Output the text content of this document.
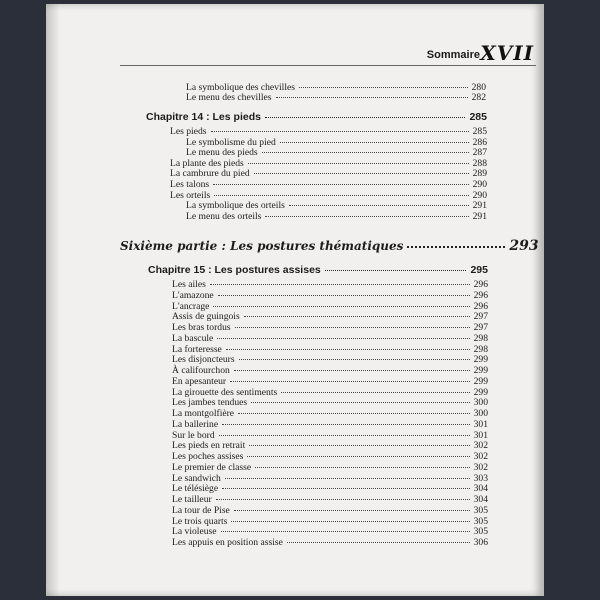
Sommaire XVII
La symbolique des chevilles	280
Le menu des chevilles	282
Chapitre 14 : Les pieds	285
Les pieds	285
Le symbolisme du pied	286
Le menu des pieds	287
La plante des pieds	288
La cambrure du pied	289
Les talons	290
Les orteils	290
La symbolique des orteils	291
Le menu des orteils	291
Sixième partie : Les postures thématiques	293
Chapitre 15 : Les postures assises	295
Les ailes	296
L'amazone	296
L'ancrage	296
Assis de guingois	297
Les bras tordus	297
La bascule	298
La forteresse	298
Les disjoncteurs	299
À califourchon	299
En apesanteur	299
La girouette des sentiments	299
Les jambes tendues	300
La montgolfière	300
La ballerine	301
Sur le bord	301
Les pieds en retrait	302
Les poches assises	302
Le premier de classe	302
Le sandwich	303
Le télésiège	304
Le tailleur	304
La tour de Pise	305
Le trois quarts	305
La violeuse	305
Les appuis en position assise	306
